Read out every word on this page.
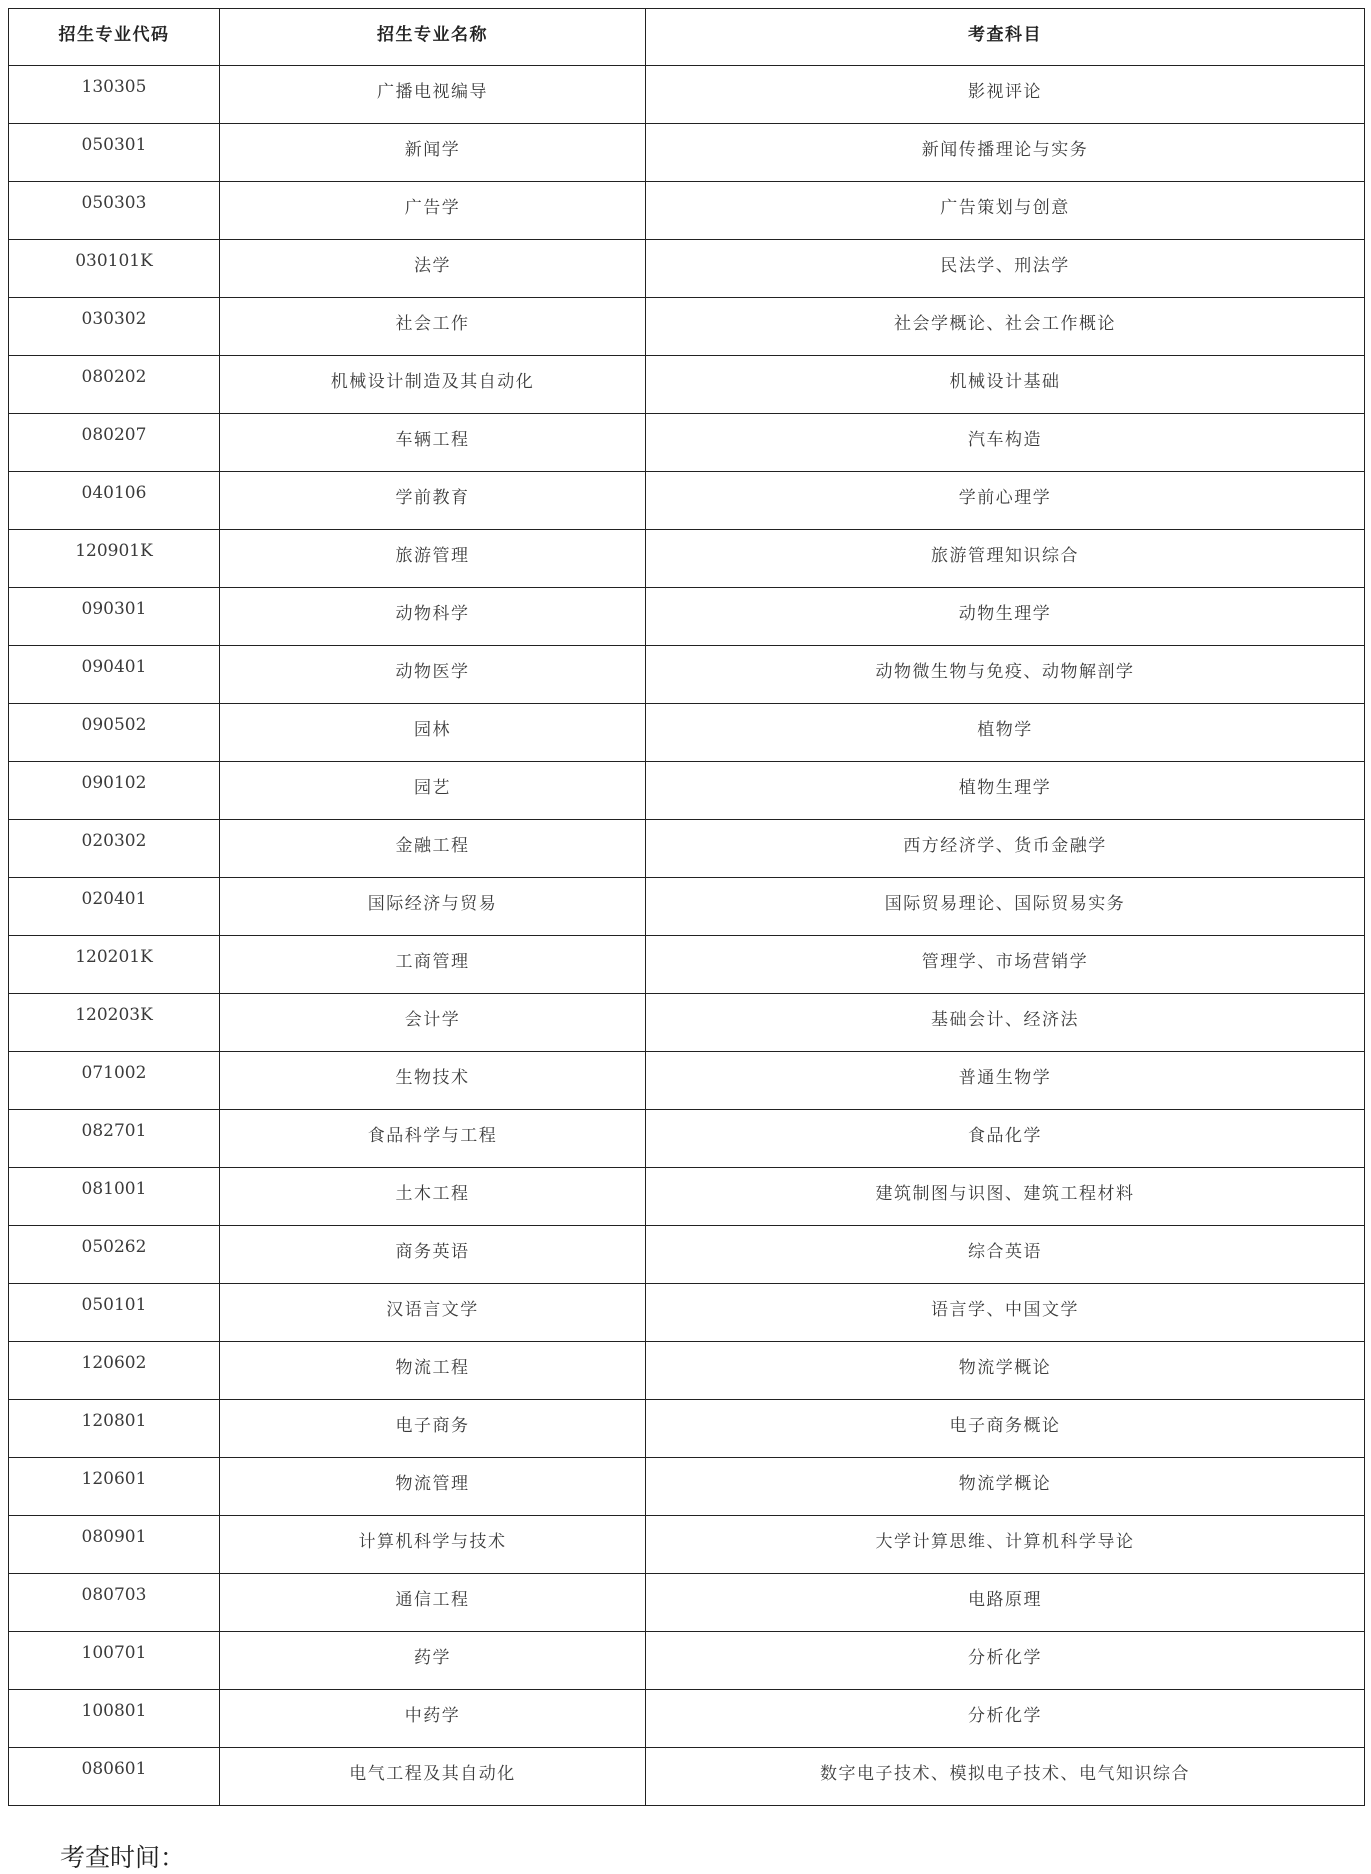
招生专业代码	招生专业名称	考查科目
130305	广播电视编导	影视评论
050301	新闻学	新闻传播理论与实务
050303	广告学	广告策划与创意
030101K	法学	民法学、刑法学
030302	社会工作	社会学概论、社会工作概论
080202	机械设计制造及其自动化	机械设计基础
080207	车辆工程	汽车构造
040106	学前教育	学前心理学
120901K	旅游管理	旅游管理知识综合
090301	动物科学	动物生理学
090401	动物医学	动物微生物与免疫、动物解剖学
090502	园林	植物学
090102	园艺	植物生理学
020302	金融工程	西方经济学、货币金融学
020401	国际经济与贸易	国际贸易理论、国际贸易实务
120201K	工商管理	管理学、市场营销学
120203K	会计学	基础会计、经济法
071002	生物技术	普通生物学
082701	食品科学与工程	食品化学
081001	土木工程	建筑制图与识图、建筑工程材料
050262	商务英语	综合英语
050101	汉语言文学	语言学、中国文学
120602	物流工程	物流学概论
120801	电子商务	电子商务概论
120601	物流管理	物流学概论
080901	计算机科学与技术	大学计算思维、计算机科学导论
080703	通信工程	电路原理
100701	药学	分析化学
100801	中药学	分析化学
080601	电气工程及其自动化	数字电子技术、模拟电子技术、电气知识综合
考查时间：
